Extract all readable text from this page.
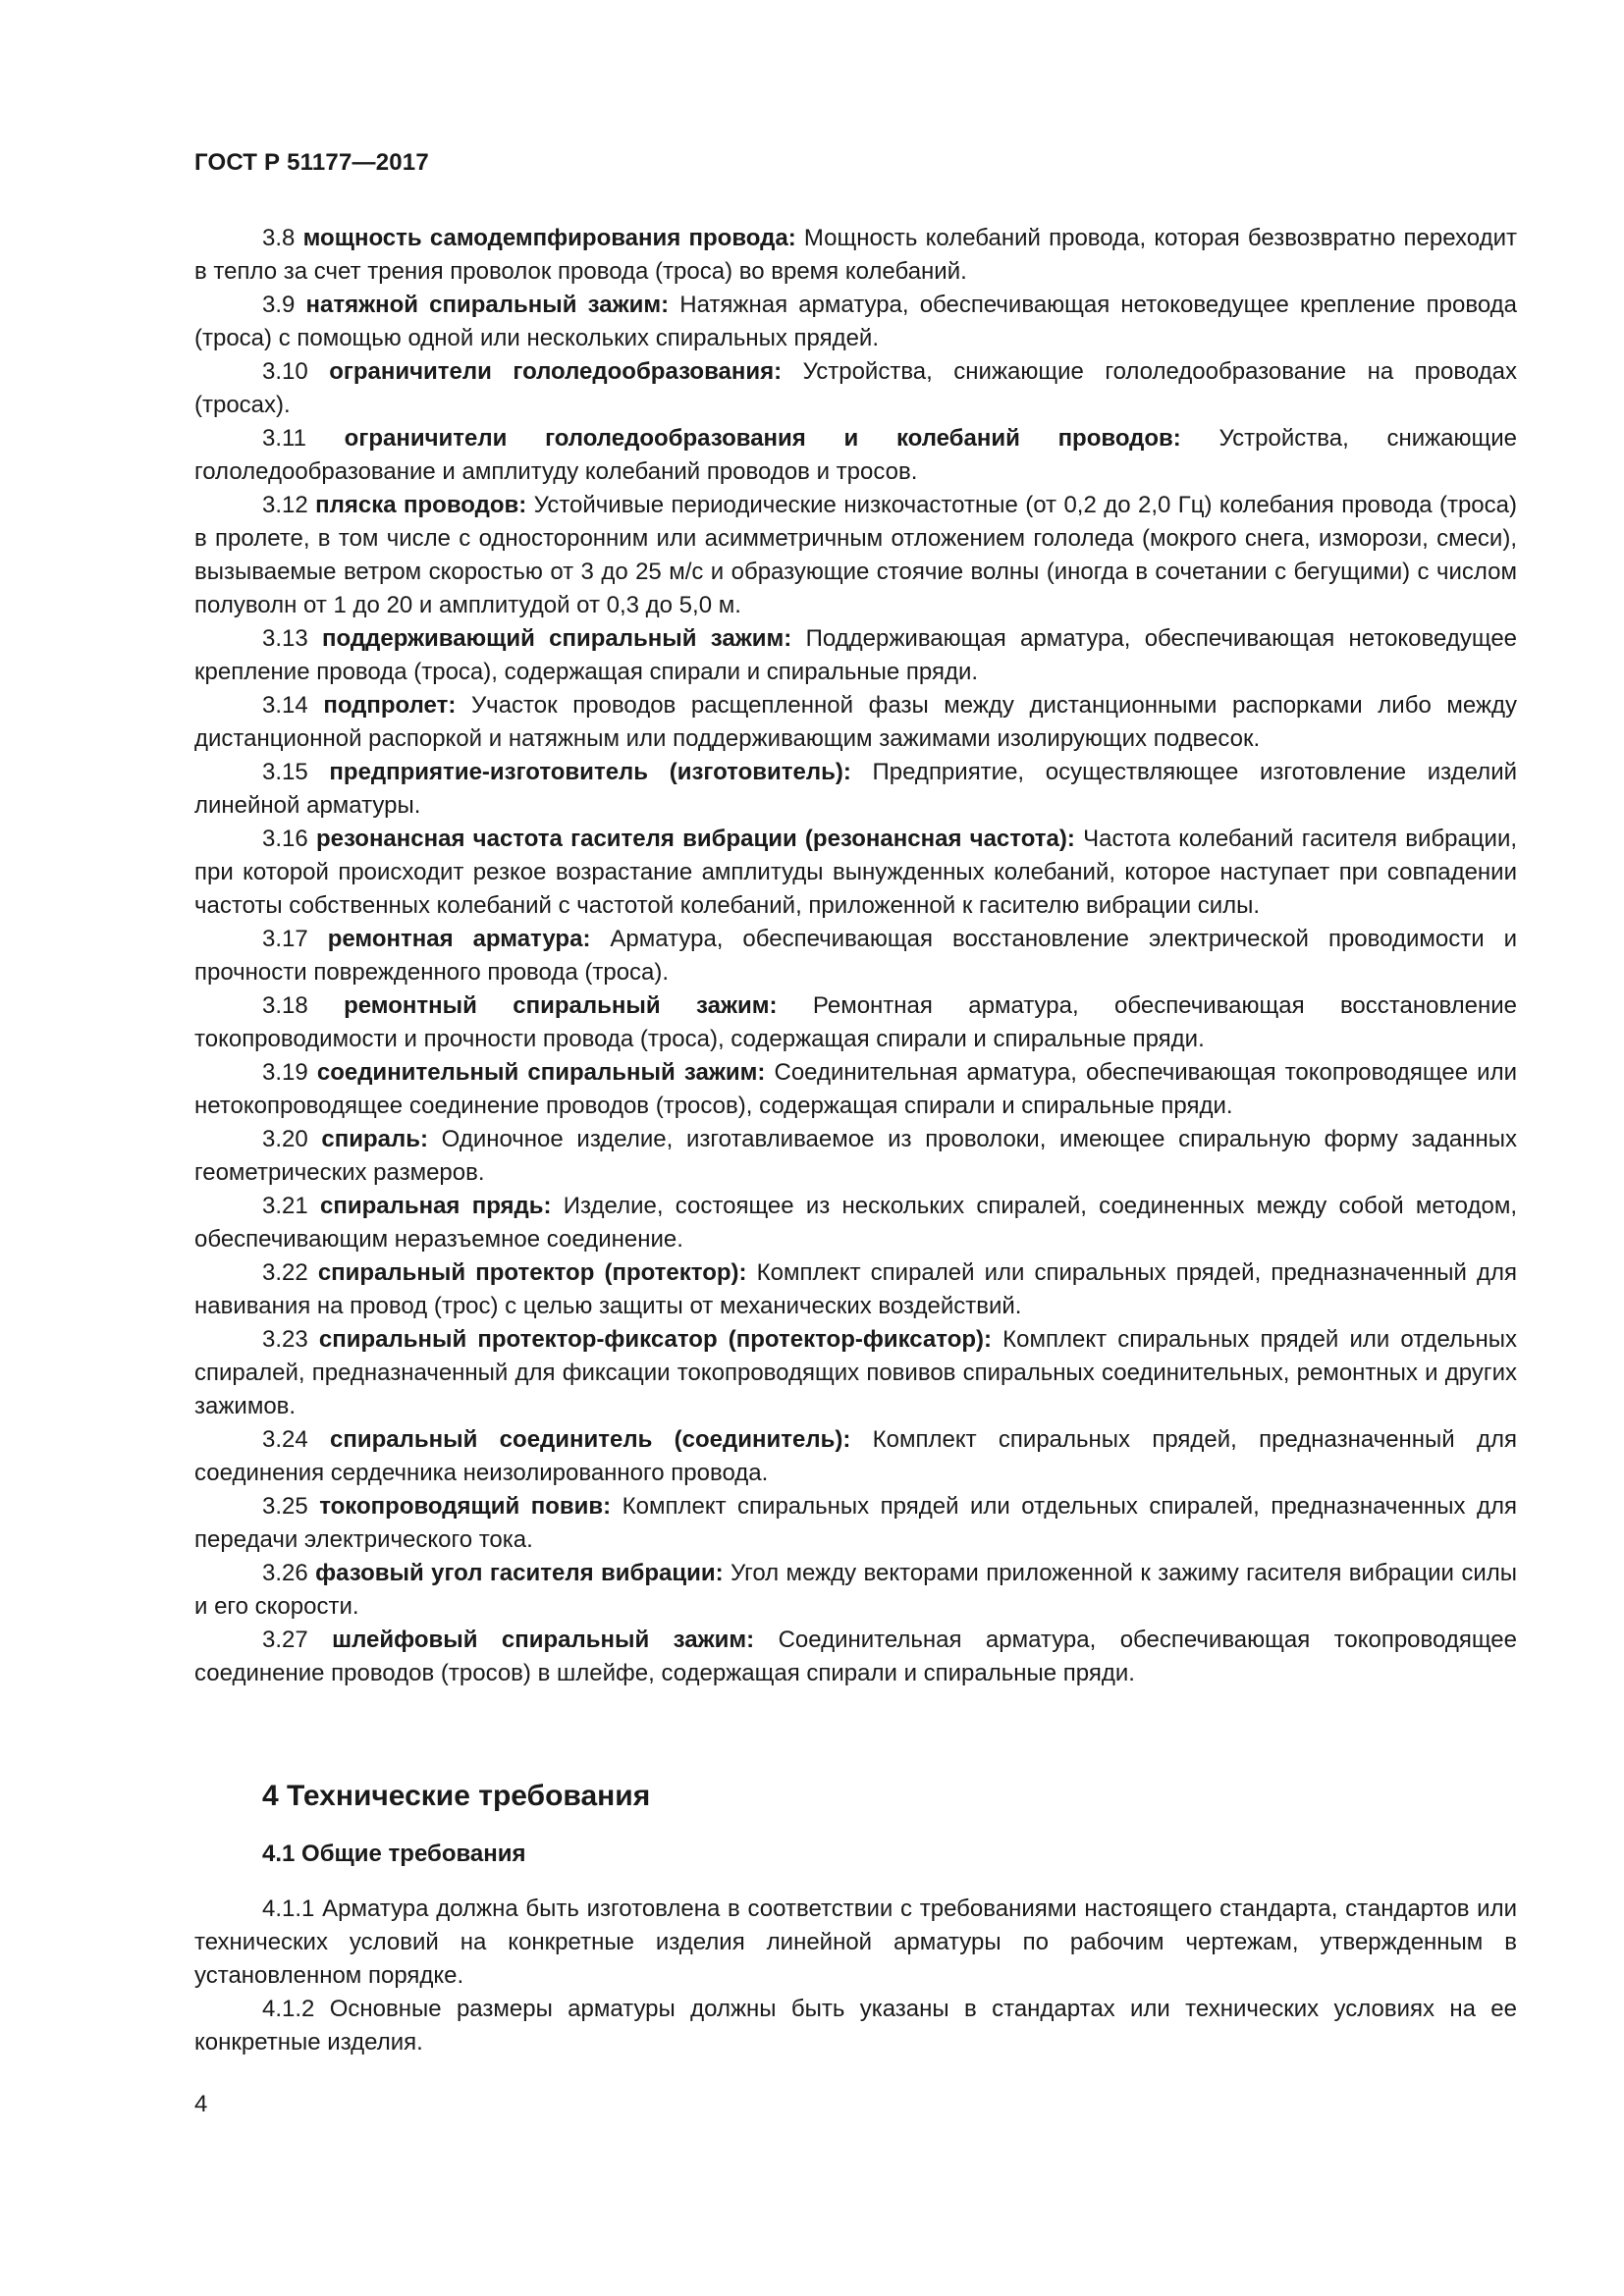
ГОСТ Р 51177—2017

3.8 мощность самодемпфирования провода: Мощность колебаний провода, которая безвозвратно переходит в тепло за счет трения проволок провода (троса) во время колебаний.

3.9 натяжной спиральный зажим: Натяжная арматура, обеспечивающая нетоковедущее крепление провода (троса) с помощью одной или нескольких спиральных прядей.

3.10 ограничители гололедообразования: Устройства, снижающие гололедообразование на проводах (тросах).

3.11 ограничители гололедообразования и колебаний проводов: Устройства, снижающие гололедообразование и амплитуду колебаний проводов и тросов.

3.12 пляска проводов: Устойчивые периодические низкочастотные (от 0,2 до 2,0 Гц) колебания провода (троса) в пролете, в том числе с односторонним или асимметричным отложением гололеда (мокрого снега, изморози, смеси), вызываемые ветром скоростью от 3 до 25 м/с и образующие стоячие волны (иногда в сочетании с бегущими) с числом полуволн от 1 до 20 и амплитудой от 0,3 до 5,0 м.

3.13 поддерживающий спиральный зажим: Поддерживающая арматура, обеспечивающая нетоковедущее крепление провода (троса), содержащая спирали и спиральные пряди.

3.14 подпролет: Участок проводов расщепленной фазы между дистанционными распорками либо между дистанционной распоркой и натяжным или поддерживающим зажимами изолирующих подвесок.

3.15 предприятие-изготовитель (изготовитель): Предприятие, осуществляющее изготовление изделий линейной арматуры.

3.16 резонансная частота гасителя вибрации (резонансная частота): Частота колебаний гасителя вибрации, при которой происходит резкое возрастание амплитуды вынужденных колебаний, которое наступает при совпадении частоты собственных колебаний с частотой колебаний, приложенной к гасителю вибрации силы.

3.17 ремонтная арматура: Арматура, обеспечивающая восстановление электрической проводимости и прочности поврежденного провода (троса).

3.18 ремонтный спиральный зажим: Ремонтная арматура, обеспечивающая восстановление токопроводимости и прочности провода (троса), содержащая спирали и спиральные пряди.

3.19 соединительный спиральный зажим: Соединительная арматура, обеспечивающая токопроводящее или нетокопроводящее соединение проводов (тросов), содержащая спирали и спиральные пряди.

3.20 спираль: Одиночное изделие, изготавливаемое из проволоки, имеющее спиральную форму заданных геометрических размеров.

3.21 спиральная прядь: Изделие, состоящее из нескольких спиралей, соединенных между собой методом, обеспечивающим неразъемное соединение.

3.22 спиральный протектор (протектор): Комплект спиралей или спиральных прядей, предназначенный для навивания на провод (трос) с целью защиты от механических воздействий.

3.23 спиральный протектор-фиксатор (протектор-фиксатор): Комплект спиральных прядей или отдельных спиралей, предназначенный для фиксации токопроводящих повивов спиральных соединительных, ремонтных и других зажимов.

3.24 спиральный соединитель (соединитель): Комплект спиральных прядей, предназначенный для соединения сердечника неизолированного провода.

3.25 токопроводящий повив: Комплект спиральных прядей или отдельных спиралей, предназначенных для передачи электрического тока.

3.26 фазовый угол гасителя вибрации: Угол между векторами приложенной к зажиму гасителя вибрации силы и его скорости.

3.27 шлейфовый спиральный зажим: Соединительная арматура, обеспечивающая токопроводящее соединение проводов (тросов) в шлейфе, содержащая спирали и спиральные пряди.

4 Технические требования
4.1 Общие требования

4.1.1 Арматура должна быть изготовлена в соответствии с требованиями настоящего стандарта, стандартов или технических условий на конкретные изделия линейной арматуры по рабочим чертежам, утвержденным в установленном порядке.

4.1.2 Основные размеры арматуры должны быть указаны в стандартах или технических условиях на ее конкретные изделия.

4
